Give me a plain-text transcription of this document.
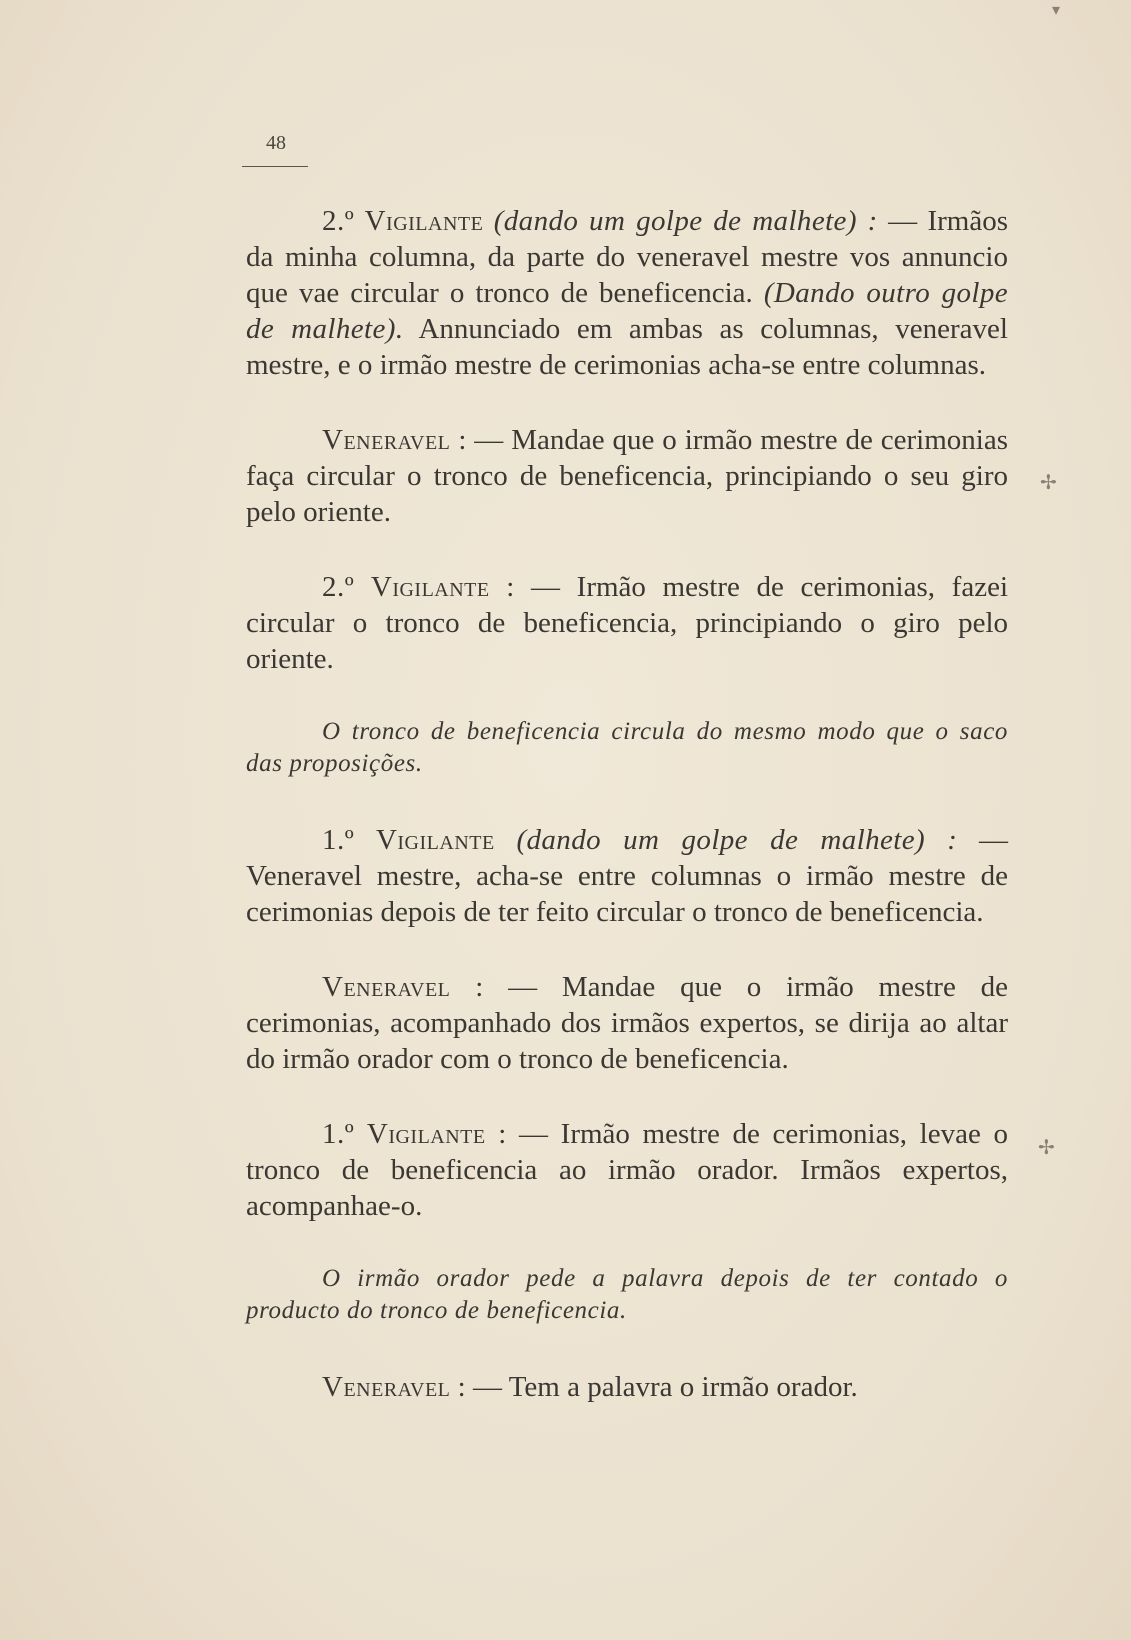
48

2.º Vigilante (dando um golpe de malhete) : — Irmãos da minha columna, da parte do veneravel mestre vos annuncio que vae circular o tronco de beneficencia. (Dando outro golpe de malhete). Annunciado em ambas as columnas, veneravel mestre, e o irmão mestre de cerimonias acha-se entre columnas.

Veneravel : — Mandae que o irmão mestre de cerimonias faça circular o tronco de beneficencia, principiando o seu giro pelo oriente.

2.º Vigilante : — Irmão mestre de cerimonias, fazei circular o tronco de beneficencia, principiando o giro pelo oriente.

O tronco de beneficencia circula do mesmo modo que o saco das proposições.

1.º Vigilante (dando um golpe de malhete) : — Veneravel mestre, acha-se entre columnas o irmão mestre de cerimonias depois de ter feito circular o tronco de beneficencia.

Veneravel : — Mandae que o irmão mestre de cerimonias, acompanhado dos irmãos expertos, se dirija ao altar do irmão orador com o tronco de beneficencia.

1.º Vigilante : — Irmão mestre de cerimonias, levae o tronco de beneficencia ao irmão orador. Irmãos expertos, acompanhae-o.

O irmão orador pede a palavra depois de ter contado o producto do tronco de beneficencia.

Veneravel : — Tem a palavra o irmão orador.

✢
✢
▾
